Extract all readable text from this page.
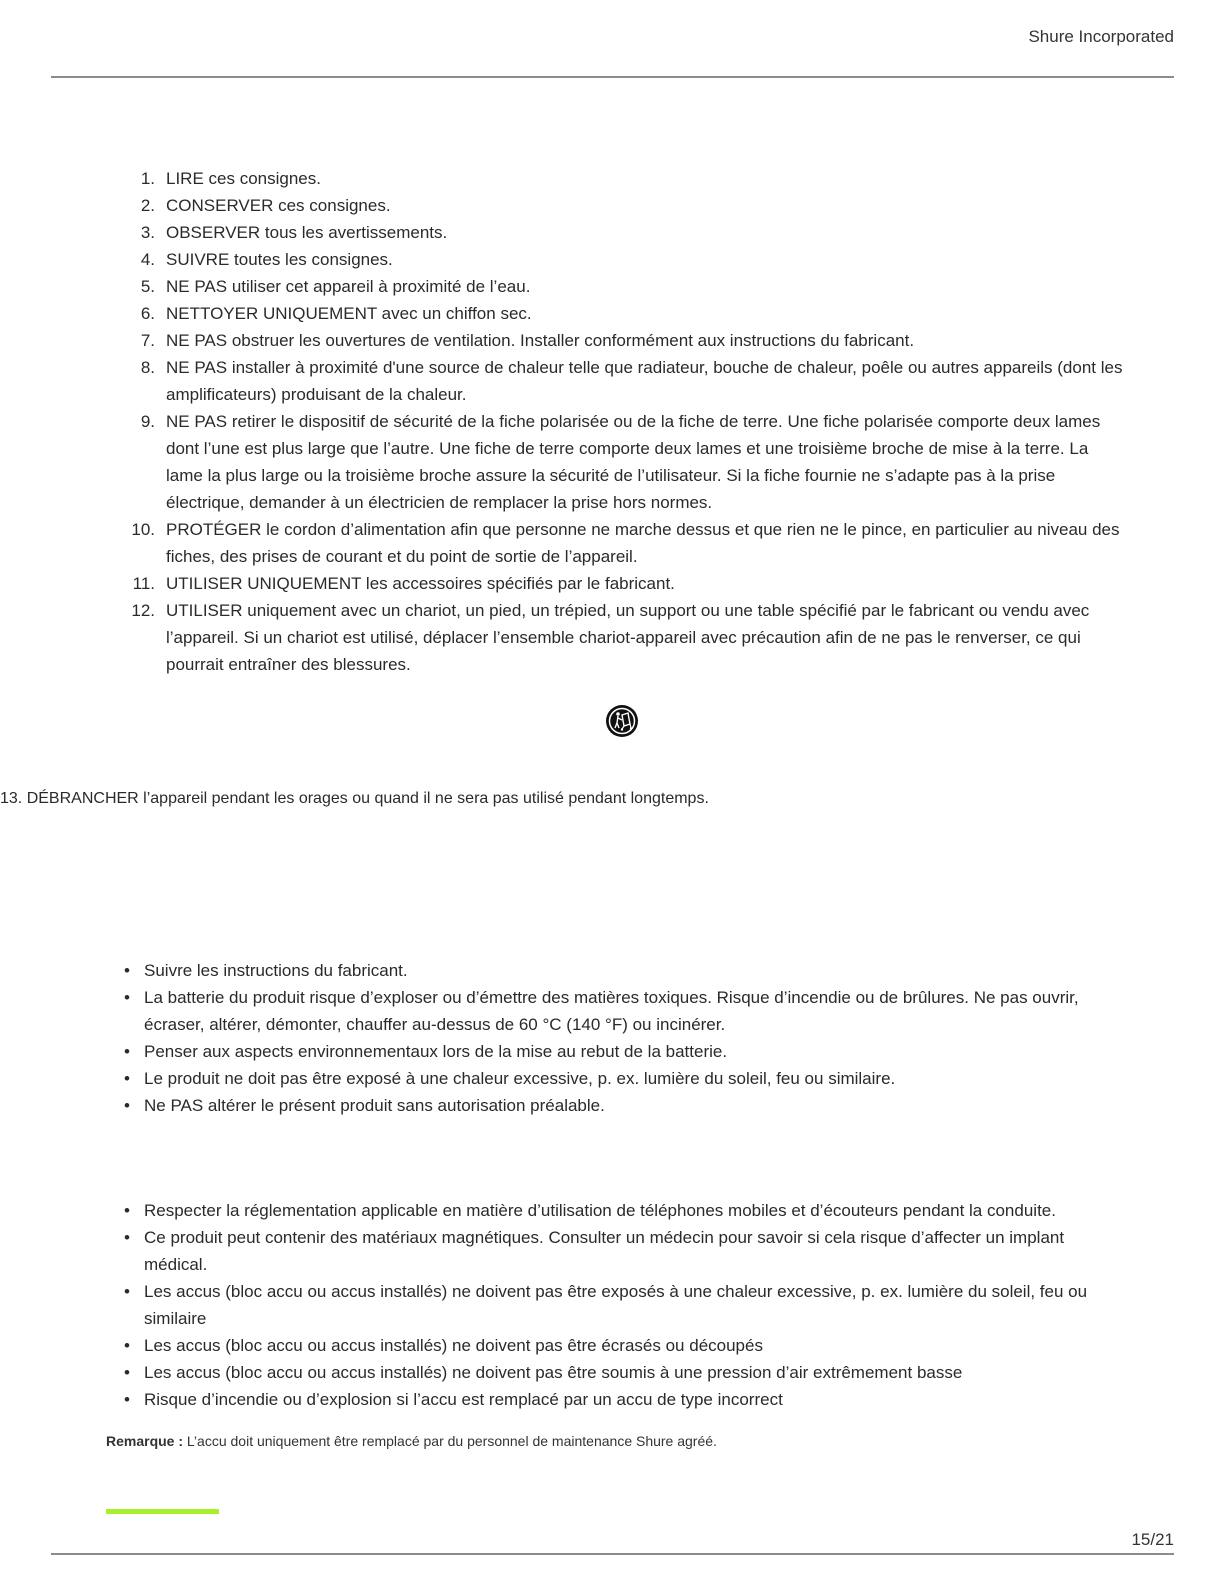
Shure Incorporated
1. LIRE ces consignes.
2. CONSERVER ces consignes.
3. OBSERVER tous les avertissements.
4. SUIVRE toutes les consignes.
5. NE PAS utiliser cet appareil à proximité de l’eau.
6. NETTOYER UNIQUEMENT avec un chiffon sec.
7. NE PAS obstruer les ouvertures de ventilation. Installer conformément aux instructions du fabricant.
8. NE PAS installer à proximité d'une source de chaleur telle que radiateur, bouche de chaleur, poêle ou autres appareils (dont les amplificateurs) produisant de la chaleur.
9. NE PAS retirer le dispositif de sécurité de la fiche polarisée ou de la fiche de terre. Une fiche polarisée comporte deux lames dont l’une est plus large que l’autre. Une fiche de terre comporte deux lames et une troisième broche de mise à la terre. La lame la plus large ou la troisième broche assure la sécurité de l’utilisateur. Si la fiche fournie ne s’adapte pas à la prise électrique, demander à un électricien de remplacer la prise hors normes.
10. PROTÉGER le cordon d’alimentation afin que personne ne marche dessus et que rien ne le pince, en particulier au niveau des fiches, des prises de courant et du point de sortie de l’appareil.
11. UTILISER UNIQUEMENT les accessoires spécifiés par le fabricant.
12. UTILISER uniquement avec un chariot, un pied, un trépied, un support ou une table spécifié par le fabricant ou vendu avec l’appareil. Si un chariot est utilisé, déplacer l’ensemble chariot-appareil avec précaution afin de ne pas le renverser, ce qui pourrait entraîner des blessures.
13. DÉBRANCHER l’appareil pendant les orages ou quand il ne sera pas utilisé pendant longtemps.
• Suivre les instructions du fabricant.
• La batterie du produit risque d’exploser ou d’émettre des matières toxiques. Risque d’incendie ou de brûlures. Ne pas ouvrir, écraser, altérer, démonter, chauffer au-dessus de 60 °C (140 °F) ou incinérer.
• Penser aux aspects environnementaux lors de la mise au rebut de la batterie.
• Le produit ne doit pas être exposé à une chaleur excessive, p. ex. lumière du soleil, feu ou similaire.
• Ne PAS altérer le présent produit sans autorisation préalable.
• Respecter la réglementation applicable en matière d’utilisation de téléphones mobiles et d’écouteurs pendant la conduite.
• Ce produit peut contenir des matériaux magnétiques. Consulter un médecin pour savoir si cela risque d’affecter un implant médical.
• Les accus (bloc accu ou accus installés) ne doivent pas être exposés à une chaleur excessive, p. ex. lumière du soleil, feu ou similaire
• Les accus (bloc accu ou accus installés) ne doivent pas être écrasés ou découpés
• Les accus (bloc accu ou accus installés) ne doivent pas être soumis à une pression d’air extrêmement basse
• Risque d’incendie ou d’explosion si l’accu est remplacé par un accu de type incorrect
Remarque : L’accu doit uniquement être remplacé par du personnel de maintenance Shure agréé.
15/21
